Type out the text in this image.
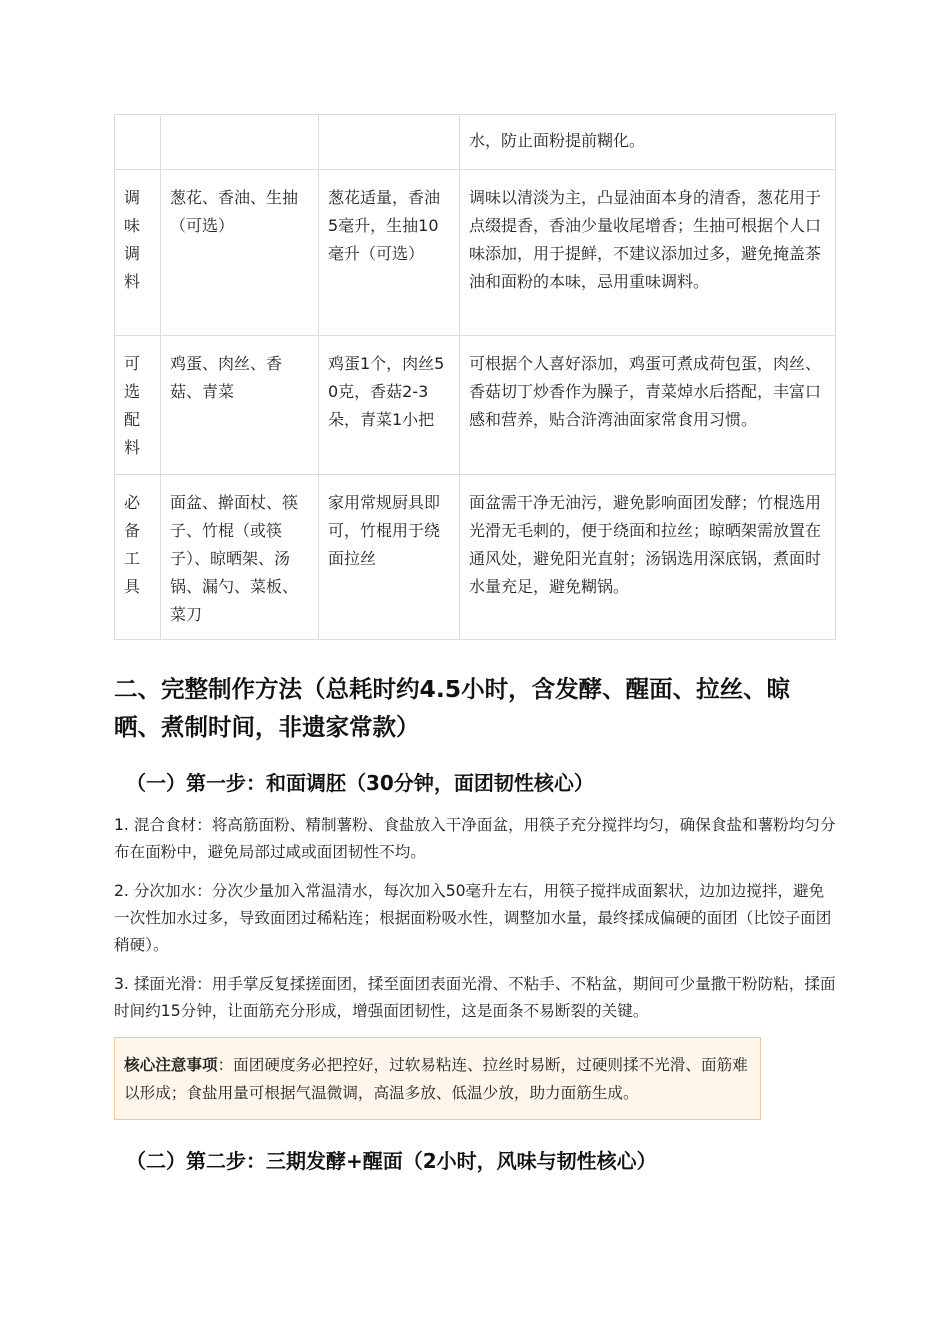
			水，防止面粉提前糊化。
调味调料	葱花、香油、生抽（可选）	葱花适量，香油5毫升，生抽10毫升（可选）	调味以清淡为主，凸显油面本身的清香，葱花用于点缀提香，香油少量收尾增香；生抽可根据个人口味添加，用于提鲜，不建议添加过多，避免掩盖茶油和面粉的本味，忌用重味调料。
可选配料	鸡蛋、肉丝、香菇、青菜	鸡蛋1个，肉丝50克，香菇2-3朵，青菜1小把	可根据个人喜好添加，鸡蛋可煮成荷包蛋，肉丝、香菇切丁炒香作为臊子，青菜焯水后搭配，丰富口感和营养，贴合浒湾油面家常食用习惯。
必备工具	面盆、擀面杖、筷子、竹棍（或筷子）、晾晒架、汤锅、漏勺、菜板、菜刀	家用常规厨具即可，竹棍用于绕面拉丝	面盆需干净无油污，避免影响面团发酵；竹棍选用光滑无毛刺的，便于绕面和拉丝；晾晒架需放置在通风处，避免阳光直射；汤锅选用深底锅，煮面时水量充足，避免糊锅。
二、完整制作方法（总耗时约4.5小时，含发酵、醒面、拉丝、晾晒、煮制时间，非遗家常款）
（一）第一步：和面调胚（30分钟，面团韧性核心）

1. 混合食材：将高筋面粉、精制薯粉、食盐放入干净面盆，用筷子充分搅拌均匀，确保食盐和薯粉均匀分布在面粉中，避免局部过咸或面团韧性不均。

2. 分次加水：分次少量加入常温清水，每次加入50毫升左右，用筷子搅拌成面絮状，边加边搅拌，避免一次性加水过多，导致面团过稀粘连；根据面粉吸水性，调整加水量，最终揉成偏硬的面团（比饺子面团稍硬）。

3. 揉面光滑：用手掌反复揉搓面团，揉至面团表面光滑、不粘手、不粘盆，期间可少量撒干粉防粘，揉面时间约15分钟，让面筋充分形成，增强面团韧性，这是面条不易断裂的关键。

核心注意事项：面团硬度务必把控好，过软易粘连、拉丝时易断，过硬则揉不光滑、面筋难以形成；食盐用量可根据气温微调，高温多放、低温少放，助力面筋生成。
（二）第二步：三期发酵+醒面（2小时，风味与韧性核心）
